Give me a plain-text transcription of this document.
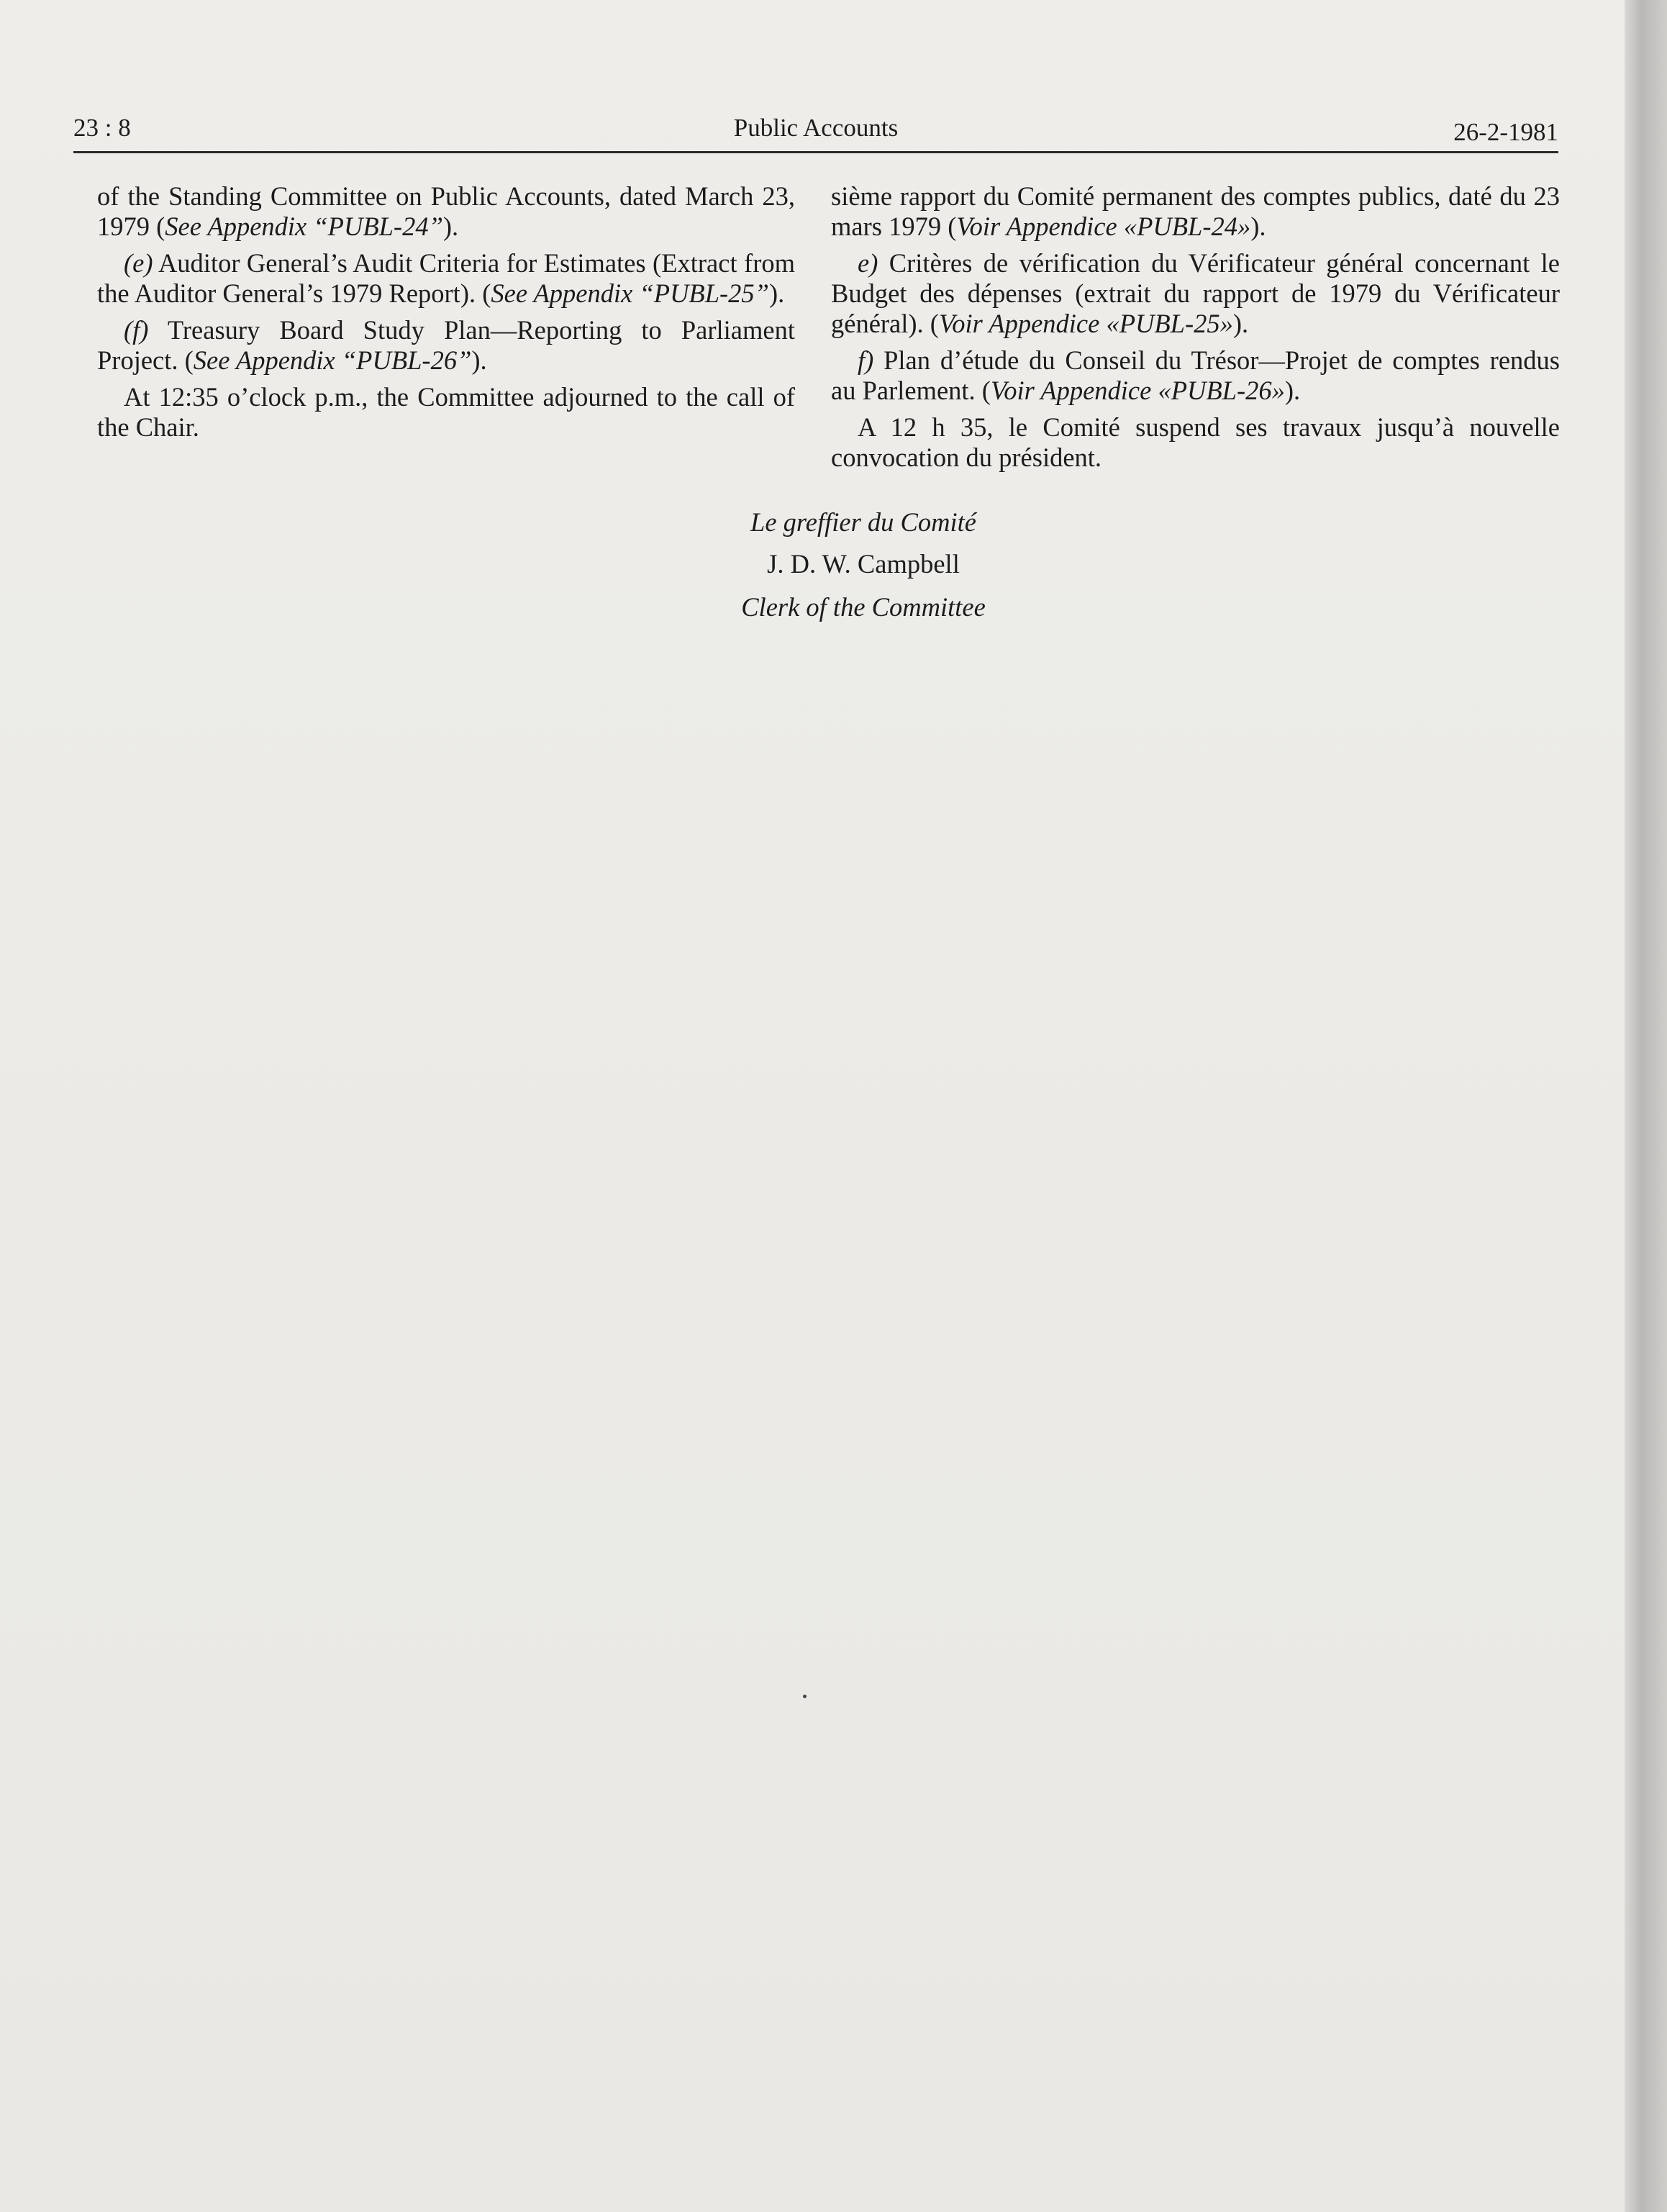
23 : 8	Public Accounts	26-2-1981

of the Standing Committee on Public Accounts, dated March 23, 1979 (See Appendix “PUBL-24”).

(e) Auditor General’s Audit Criteria for Estimates (Extract from the Auditor General’s 1979 Report). (See Appendix “PUBL-25”).

(f) Treasury Board Study Plan—Reporting to Parliament Project. (See Appendix “PUBL-26”).

At 12:35 o’clock p.m., the Committee adjourned to the call of the Chair.

sième rapport du Comité permanent des comptes publics, daté du 23 mars 1979 (Voir Appendice «PUBL-24»).

e) Critères de vérification du Vérificateur général concernant le Budget des dépenses (extrait du rapport de 1979 du Vérificateur général). (Voir Appendice «PUBL-25»).

f) Plan d’étude du Conseil du Trésor—Projet de comptes rendus au Parlement. (Voir Appendice «PUBL-26»).

A 12 h 35, le Comité suspend ses travaux jusqu’à nouvelle convocation du président.

Le greffier du Comité
J. D. W. Campbell
Clerk of the Committee
